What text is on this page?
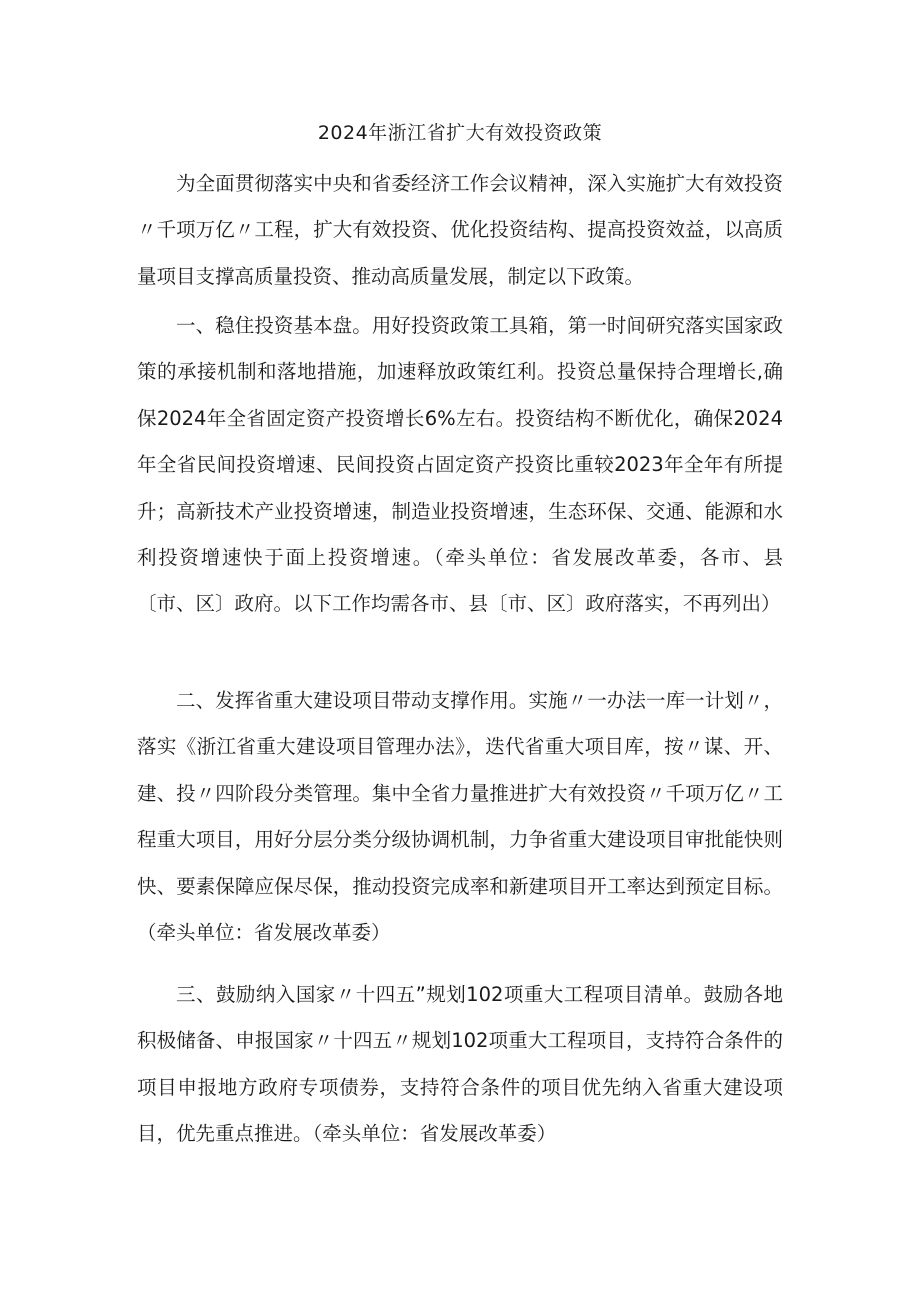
2024年浙江省扩大有效投资政策

为全面贯彻落实中央和省委经济工作会议精神，深入实施扩大有效投资〃千项万亿〃工程，扩大有效投资、优化投资结构、提高投资效益，以高质量项目支撑高质量投资、推动高质量发展，制定以下政策。

一、稳住投资基本盘。用好投资政策工具箱，第一时间研究落实国家政策的承接机制和落地措施，加速释放政策红利。投资总量保持合理增长,确保2024年全省固定资产投资增长6%左右。投资结构不断优化，确保2024年全省民间投资增速、民间投资占固定资产投资比重较2023年全年有所提升；高新技术产业投资增速，制造业投资增速，生态环保、交通、能源和水利投资增速快于面上投资增速。（牵头单位：省发展改革委，各市、县〔市、区〕政府。以下工作均需各市、县〔市、区〕政府落实，不再列出）

二、发挥省重大建设项目带动支撑作用。实施〃一办法一库一计划〃，落实《浙江省重大建设项目管理办法》，迭代省重大项目库，按〃谋、开、建、投〃四阶段分类管理。集中全省力量推进扩大有效投资〃千项万亿〃工程重大项目，用好分层分类分级协调机制，力争省重大建设项目审批能快则快、要素保障应保尽保，推动投资完成率和新建项目开工率达到预定目标。（牵头单位：省发展改革委）

三、鼓励纳入国家〃十四五”规划102项重大工程项目清单。鼓励各地积极储备、申报国家〃十四五〃规划102项重大工程项目，支持符合条件的项目申报地方政府专项债券，支持符合条件的项目优先纳入省重大建设项目，优先重点推进。（牵头单位：省发展改革委）
